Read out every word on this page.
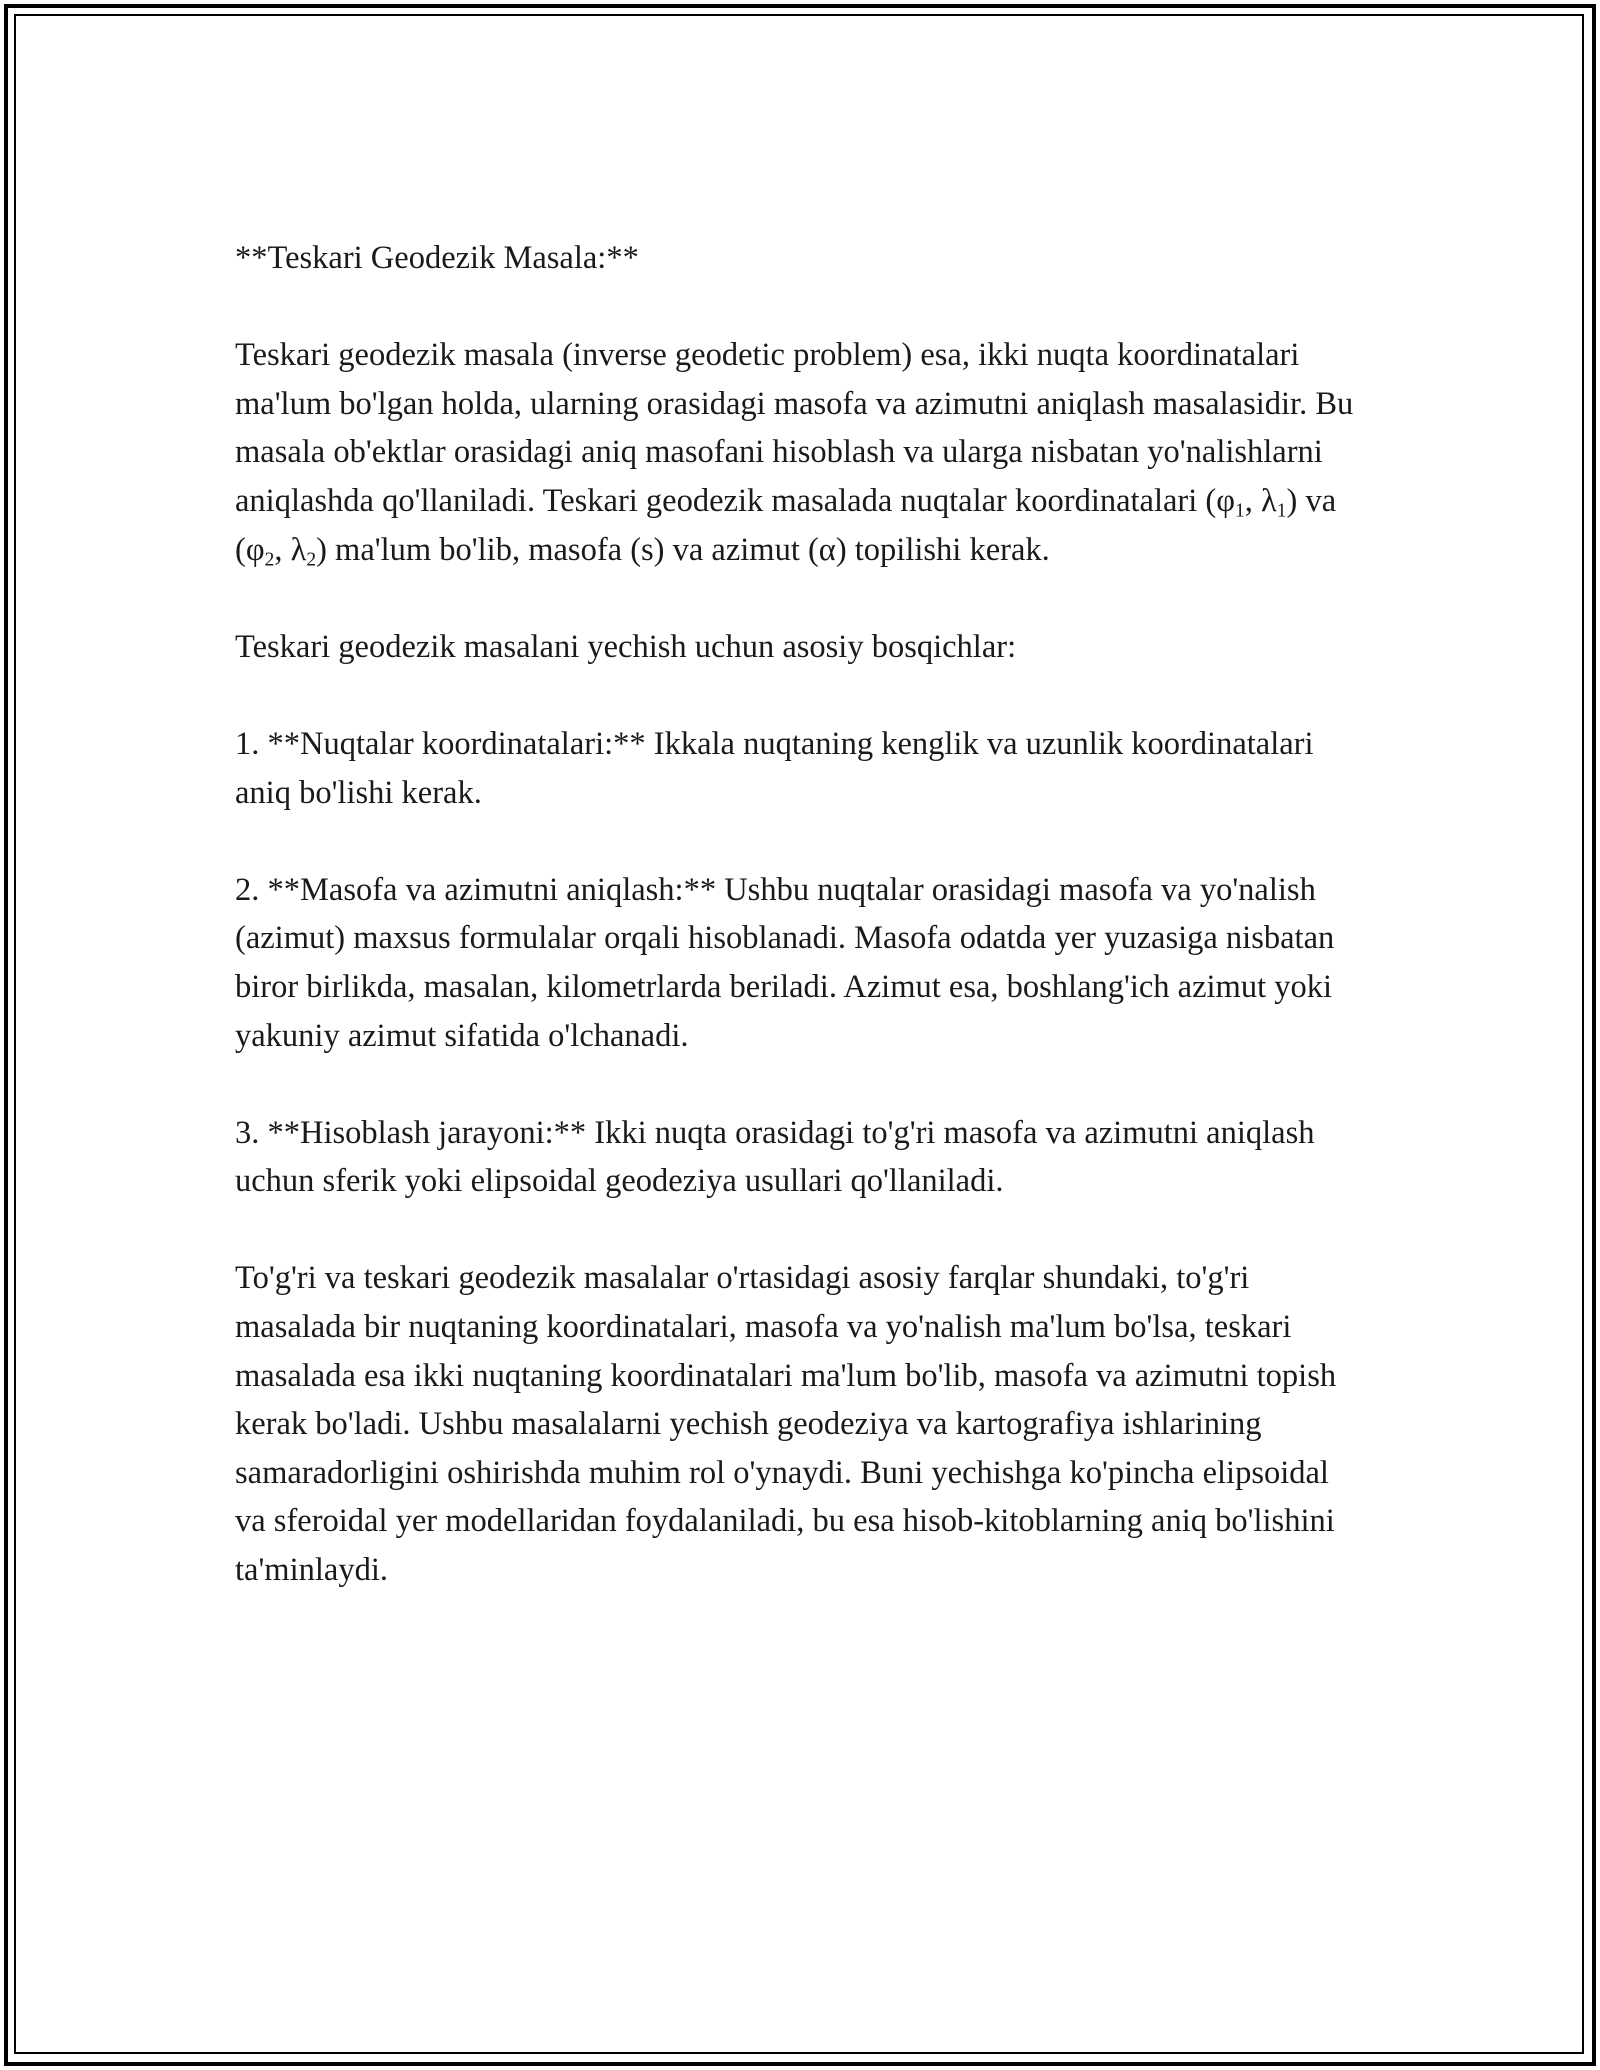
**Teskari Geodezik Masala:**

Teskari geodezik masala (inverse geodetic problem) esa, ikki nuqta koordinatalari ma'lum bo'lgan holda, ularning orasidagi masofa va azimutni aniqlash masalasidir. Bu masala ob'ektlar orasidagi aniq masofani hisoblash va ularga nisbatan yo'nalishlarni aniqlashda qo'llaniladi. Teskari geodezik masalada nuqtalar koordinatalari ($\varphi_1$, $\lambda_1$) va ($\varphi_2$, $\lambda_2$) ma'lum bo'lib, masofa (s) va azimut (α) topilishi kerak.

Teskari geodezik masalani yechish uchun asosiy bosqichlar:

1. **Nuqtalar koordinatalari:** Ikkala nuqtaning kenglik va uzunlik koordinatalari aniq bo'lishi kerak.

2. **Masofa va azimutni aniqlash:** Ushbu nuqtalar orasidagi masofa va yo'nalish (azimut) maxsus formulalar orqali hisoblanadi. Masofa odatda yer yuzasiga nisbatan biror birlikda, masalan, kilometrlarda beriladi. Azimut esa, boshlang'ich azimut yoki yakuniy azimut sifatida o'lchanadi.

3. **Hisoblash jarayoni:** Ikki nuqta orasidagi to'g'ri masofa va azimutni aniqlash uchun sferik yoki elipsoidal geodeziya usullari qo'llaniladi.

To'g'ri va teskari geodezik masalalar o'rtasidagi asosiy farqlar shundaki, to'g'ri masalada bir nuqtaning koordinatalari, masofa va yo'nalish ma'lum bo'lsa, teskari masalada esa ikki nuqtaning koordinatalari ma'lum bo'lib, masofa va azimutni topish kerak bo'ladi. Ushbu masalalarni yechish geodeziya va kartografiya ishlarining samaradorligini oshirishda muhim rol o'ynaydi. Buni yechishga ko'pincha elipsoidal va sferoidal yer modellaridan foydalaniladi, bu esa hisob-kitoblarning aniq bo'lishini ta'minlaydi.
